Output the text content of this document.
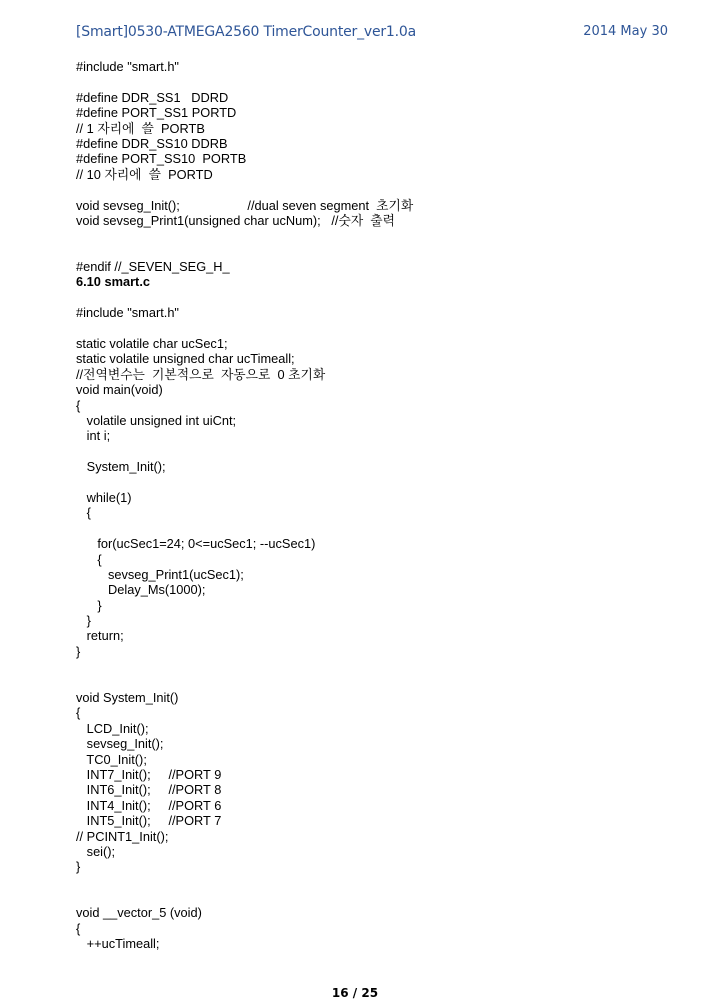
[Smart]0530-ATMEGA2560 TimerCounter_ver1.0a	2014 May 30
#include "smart.h"
#define DDR_SS1   DDRD
#define PORT_SS1 PORTD
// 1 자리에  쓸  PORTB
#define DDR_SS10 DDRB
#define PORT_SS10  PORTB
// 10 자리에  쓸  PORTD
void sevseg_Init();                   //dual seven segment  초기화
void sevseg_Print1(unsigned char ucNum);   //숫자  출력
#endif //_SEVEN_SEG_H_
6.10 smart.c
#include "smart.h"
static volatile char ucSec1;
static volatile unsigned char ucTimeall;
//전역변수는  기본적으로  자동으로  0 초기화
void main(void)
{
volatile unsigned int uiCnt;
int i;
System_Init();
while(1)
{
for(ucSec1=24; 0<=ucSec1; --ucSec1)
{
sevseg_Print1(ucSec1);
Delay_Ms(1000);
}
}
return;
}
void System_Init()
{
LCD_Init();
sevseg_Init();
TC0_Init();
INT7_Init();     //PORT 9
INT6_Init();     //PORT 8
INT4_Init();     //PORT 6
INT5_Init();     //PORT 7
// PCINT1_Init();
sei();
}
void __vector_5 (void)
{
++ucTimeall;
16 / 25
